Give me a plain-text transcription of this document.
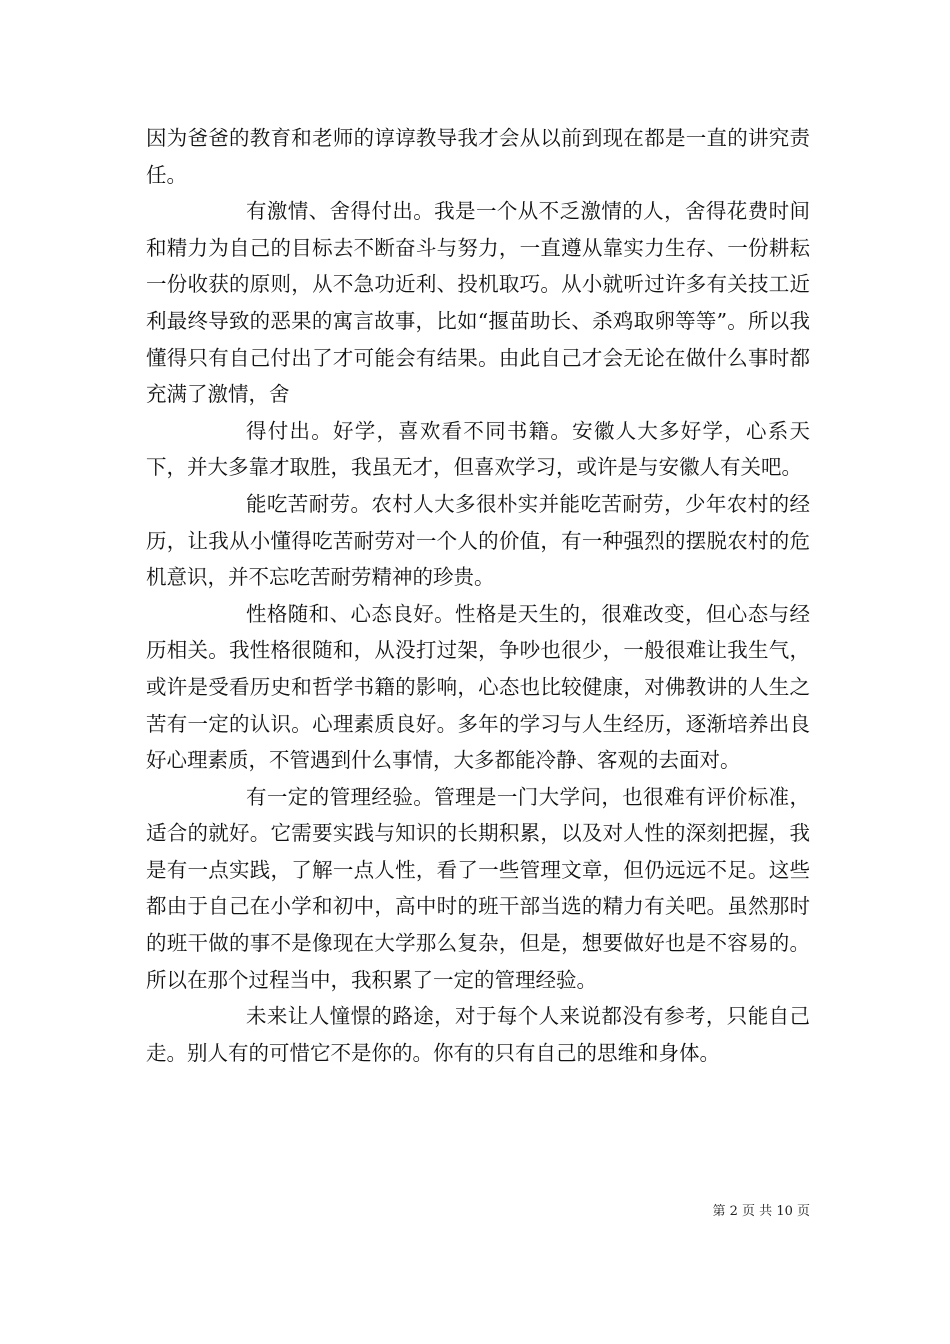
因为爸爸的教育和老师的谆谆教导我才会从以前到现在都是一直的讲究责任。

有激情、舍得付出。我是一个从不乏激情的人，舍得花费时间和精力为自己的目标去不断奋斗与努力，一直遵从靠实力生存、一份耕耘一份收获的原则，从不急功近利、投机取巧。从小就听过许多有关技工近利最终导致的恶果的寓言故事，比如“揠苗助长、杀鸡取卵等等”。所以我懂得只有自己付出了才可能会有结果。由此自己才会无论在做什么事时都充满了激情，舍

得付出。好学，喜欢看不同书籍。安徽人大多好学，心系天下，并大多靠才取胜，我虽无才，但喜欢学习，或许是与安徽人有关吧。

能吃苦耐劳。农村人大多很朴实并能吃苦耐劳，少年农村的经历，让我从小懂得吃苦耐劳对一个人的价值，有一种强烈的摆脱农村的危机意识，并不忘吃苦耐劳精神的珍贵。

性格随和、心态良好。性格是天生的，很难改变，但心态与经历相关。我性格很随和，从没打过架，争吵也很少，一般很难让我生气，或许是受看历史和哲学书籍的影响，心态也比较健康，对佛教讲的人生之苦有一定的认识。心理素质良好。多年的学习与人生经历，逐渐培养出良好心理素质，不管遇到什么事情，大多都能冷静、客观的去面对。

有一定的管理经验。管理是一门大学问，也很难有评价标准，适合的就好。它需要实践与知识的长期积累，以及对人性的深刻把握，我是有一点实践，了解一点人性，看了一些管理文章，但仍远远不足。这些都由于自己在小学和初中，高中时的班干部当选的精力有关吧。虽然那时的班干做的事不是像现在大学那么复杂，但是，想要做好也是不容易的。所以在那个过程当中，我积累了一定的管理经验。

未来让人憧憬的路途，对于每个人来说都没有参考，只能自己走。别人有的可惜它不是你的。你有的只有自己的思维和身体。

第 2 页 共 10 页
